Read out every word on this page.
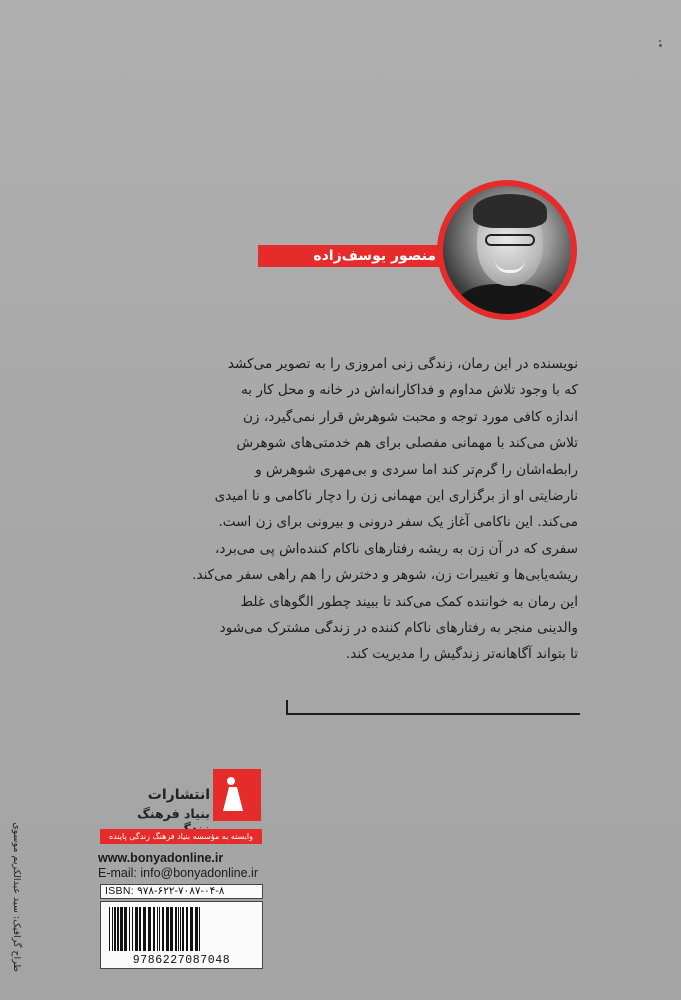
منصور یوسف‌زاده

نویسنده در این رمان، زندگی زنی امروزی را به تصویر می‌کشد

که با وجود تلاش مداوم و فداکارانه‌اش در خانه و محل کار به

اندازه کافی مورد توجه و محبت شوهرش قرار نمی‌گیرد، زن

تلاش می‌کند با مهمانی مفصلی برای هم خدمتی‌های شوهرش

رابطه‌اشان را گرم‌تر کند اما سردی و بی‌مهری شوهرش و

نارضایتی او از برگزاری این مهمانی زن را دچار ناکامی و نا امیدی

می‌کند. این ناکامی آغاز یک سفر درونی و بیرونی برای زن است.

سفری که در آن زن به ریشه رفتارهای ناکام کننده‌اش پی می‌برد،

ریشه‌یابی‌ها و تغییرات زن، شوهر و دخترش را هم راهی سفر می‌کند.

این رمان به خواننده کمک می‌کند تا ببیند چطور الگوهای غلط

والدینی منجر به رفتارهای ناکام کننده در زندگی مشترک می‌شود

تا بتواند آگاهانه‌تر زندگیش را مدیریت کند.

انتشارات
بنیاد فرهنگ
وابسته به مؤسسه بنیاد فرهنگ زندگی پاینده
www.bonyadonline.ir
E-mail: info@bonyadonline.ir
ISBN: ۹۷۸-۶۲۲-۷۰۸۷-۰۴-۸
9786227087048
طراح گرافیک: سید عبدالکریم موسوی
